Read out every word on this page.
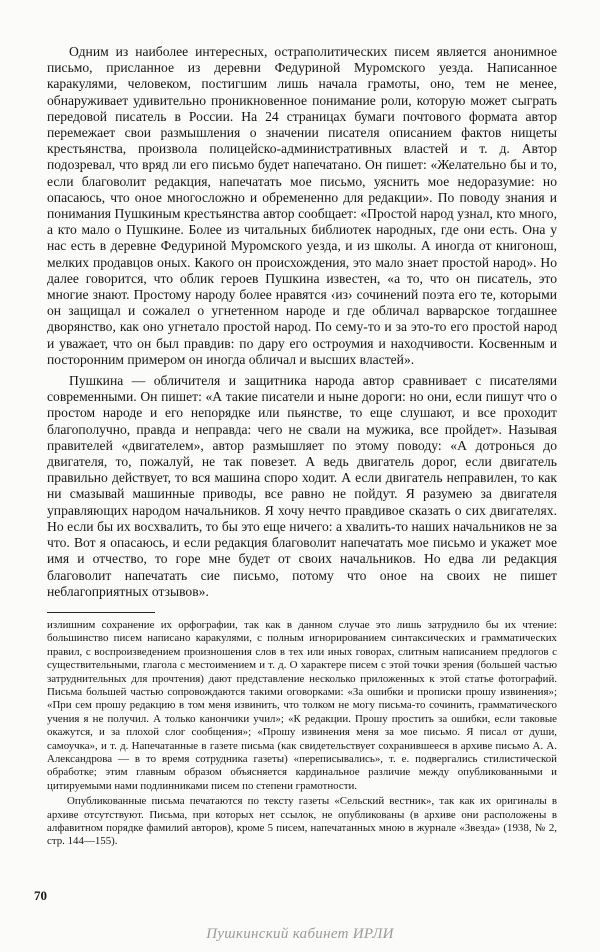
Одним из наиболее интересных, остраполитических писем является анонимное письмо, присланное из деревни Федуриной Муромского уезда. Написанное каракулями, человеком, постигшим лишь начала грамоты, оно, тем не менее, обнаруживает удивительно проникновенное понимание роли, которую может сыграть передовой писатель в России. На 24 страницах бумаги почтового формата автор перемежает свои размышления о значении писателя описанием фактов нищеты крестьянства, произвола полицейско-административных властей и т. д. Автор подозревал, что вряд ли его письмо будет напечатано. Он пишет: «Желательно бы и то, если благоволит редакция, напечатать мое письмо, уяснить мое недоразумие: но опасаюсь, что оное многосложно и обремененно для редакции». По поводу знания и понимания Пушкиным крестьянства автор сообщает: «Простой народ узнал, кто много, а кто мало о Пушкине. Более из читальных библиотек народных, где они есть. Она у нас есть в деревне Федуриной Муромского уезда, и из школы. А иногда от книгонош, мелких продавцов оных. Какого он происхождения, это мало знает простой народ». Но далее говорится, что облик героев Пушкина известен, «а то, что он писатель, это многие знают. Простому народу более нравятся ‹из› сочинений поэта его те, которыми он защищал и сожалел о угнетенном народе и где обличал варварское тогдашнее дворянство, как оно угнетало простой народ. По сему-то и за это-то его простой народ и уважает, что он был правдив: по дару его остроумия и находчивости. Косвенным и посторонним примером он иногда обличал и высших властей».

Пушкина — обличителя и защитника народа автор сравнивает с писателями современными. Он пишет: «А такие писатели и ныне дороги: но они, если пишут что о простом народе и его непорядке или пьянстве, то еще слушают, и все проходит благополучно, правда и неправда: чего не свали на мужика, все пройдет». Называя правителей «двигателем», автор размышляет по этому поводу: «А дотронься до двигателя, то, пожалуй, не так повезет. А ведь двигатель дорог, если двигатель правильно действует, то вся машина споро ходит. А если двигатель неправилен, то как ни смазывай машинные приводы, все равно не пойдут. Я разумею за двигателя управляющих народом начальников. Я хочу нечто правдивое сказать о сих двигателях. Но если бы их восхвалить, то бы это еще ничего: а хвалить-то наших начальников не за что. Вот я опасаюсь, и если редакция благоволит напечатать мое письмо и укажет мое имя и отчество, то горе мне будет от своих начальников. Но едва ли редакция благоволит напечатать сие письмо, потому что оное на своих не пишет неблагоприятных отзывов».

излишним сохранение их орфографии, так как в данном случае это лишь затруднило бы их чтение: большинство писем написано каракулями, с полным игнорированием синтаксических и грамматических правил, с воспроизведением произношения слов в тех или иных говорах, слитным написанием предлогов с существительными, глагола с местоимением и т. д. О характере писем с этой точки зрения (большей частью затруднительных для прочтения) дают представление несколько приложенных к этой статье фотографий. Письма большей частью сопровождаются такими оговорками: «За ошибки и прописки прошу извинения»; «При сем прошу редакцию в том меня извинить, что толком не могу письма-то сочинить, грамматического учения я не получил. А только канончики учил»; «К редакции. Прошу простить за ошибки, если таковые окажутся, и за плохой слог сообщения»; «Прошу извинения меня за мое письмо. Я писал от души, самоучка», и т. д. Напечатанные в газете письма (как свидетельствует сохранившееся в архиве письмо А. А. Александрова — в то время сотрудника газеты) «переписывались», т. е. подвергались стилистической обработке; этим главным образом объясняется кардинальное различие между опубликованными и цитируемыми нами подлинниками писем по степени грамотности.

Опубликованные письма печатаются по тексту газеты «Сельский вестник», так как их оригиналы в архиве отсутствуют. Письма, при которых нет ссылок, не опубликованы (в архиве они расположены в алфавитном порядке фамилий авторов), кроме 5 писем, напечатанных мною в журнале «Звезда» (1938, № 2, стр. 144—155).

70
Пушкинский кабинет ИРЛИ
